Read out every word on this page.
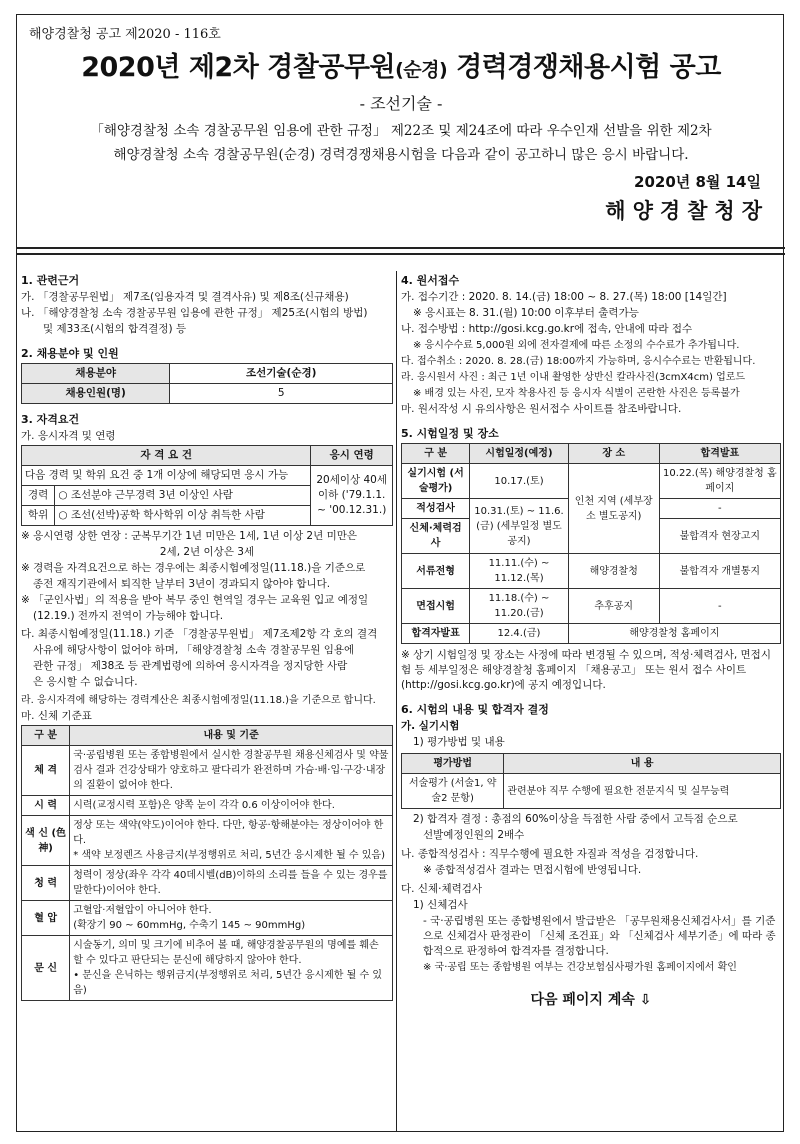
해양경찰청 공고 제2020 - 116호
2020년 제2차 경찰공무원(순경) 경력경쟁채용시험 공고
- 조선기술 -
「해양경찰청 소속 경찰공무원 임용에 관한 규정」 제22조 및 제24조에 따라 우수인재 선발을 위한 제2차
해양경찰청 소속 경찰공무원(순경) 경력경쟁채용시험을 다음과 같이 공고하니 많은 응시 바랍니다.
2020년 8월 14일
해양경찰청장
1. 관련근거
가. 「경찰공무원법」 제7조(임용자격 및 결격사유) 및 제8조(신규채용)
나. 「해양경찰청 소속 경찰공무원 임용에 관한 규정」 제25조(시험의 방법)
및 제33조(시험의 합격결정) 등
2. 채용분야 및 인원
채용분야	조선기술(순경)
채용인원(명)	5
3. 자격요건
가. 응시자격 및 연령
자 격 요 건		응시 연령
다음 경력 및 학위 요건 중 1개 이상에 해당되면 응시 가능		20세이상 40세이하 ('79.1.1. ~ '00.12.31.)
경력	○ 조선분야 근무경력 3년 이상인 사람	
학위	○ 조선(선박)공학 학사학위 이상 취득한 사람	
※ 응시연령 상한 연장 : 군복무기간 1년 미만은 1세, 1년 이상 2년 미만은
2세, 2년 이상은 3세
※ 경력을 자격요건으로 하는 경우에는 최종시험예정일(11.18.)을 기준으로
종전 재직기관에서 퇴직한 날부터 3년이 경과되지 않아야 합니다.
※ 「군인사법」의 적용을 받아 복무 중인 현역일 경우는 교육원 입교 예정일
(12.19.) 전까지 전역이 가능해야 합니다.
다. 최종시험예정일(11.18.) 기준 「경찰공무원법」 제7조제2항 각 호의 결격
사유에 해당사항이 없어야 하며, 「해양경찰청 소속 경찰공무원 임용에
관한 규정」 제38조 등 관계법령에 의하여 응시자격을 정지당한 사람
은 응시할 수 없습니다.
라. 응시자격에 해당하는 경력계산은 최종시험예정일(11.18.)을 기준으로 합니다.
마. 신체 기준표
구 분	내용 및 기준
체 격	국·공립병원 또는 종합병원에서 실시한 경찰공무원 채용신체검사 및 약물검사 결과 건강상태가 양호하고 팔다리가 완전하며 가슴·배·입·구강·내장의 질환이 없어야 한다.
시 력	시력(교정시력 포함)은 양쪽 눈이 각각 0.6 이상이어야 한다.
색 신 (色神)	정상 또는 색약(약도)이어야 한다. 다만, 항공·항해분야는 정상이어야 한다.
* 색약 보정렌즈 사용금지(부정행위로 처리, 5년간 응시제한 될 수 있음)

청 력	청력이 정상(좌우 각각 40데시벨(dB)이하의 소리를 들을 수 있는 경우를 말한다)이어야 한다.
혈 압	고혈압·저혈압이 아니어야 한다.
(확장기 90 ~ 60mmHg, 수축기 145 ~ 90mmHg)

문 신	시술동기, 의미 및 크기에 비추어 볼 때, 해양경찰공무원의 명예를 훼손 할 수 있다고 판단되는 문신에 해당하지 않아야 한다.
• 문신을 은닉하는 행위금지(부정행위로 처리, 5년간 응시제한 될 수 있음)
4. 원서접수
가. 접수기간 : 2020. 8. 14.(금) 18:00 ~ 8. 27.(목) 18:00 [14일간]
※ 응시표는 8. 31.(월) 10:00 이후부터 출력가능
나. 접수방법 : http://gosi.kcg.go.kr에 접속, 안내에 따라 접수
※ 응시수수료 5,000원 외에 전자결제에 따른 소정의 수수료가 추가됩니다.
다. 접수취소 : 2020. 8. 28.(금) 18:00까지 가능하며, 응시수수료는 반환됩니다.
라. 응시원서 사진 : 최근 1년 이내 촬영한 상반신 칼라사진(3cmX4cm) 업로드
※ 배경 있는 사진, 모자 착용사진 등 응시자 식별이 곤란한 사진은 등록불가
마. 원서작성 시 유의사항은 원서접수 사이트를 참조바랍니다.
5. 시험일정 및 장소
구 분	시험일정(예정)	장 소	합격발표
실기시험 (서술평가)	10.17.(토)	인천 지역 (세부장소 별도공지)	10.22.(목) 해양경찰청 홈페이지
적성검사	10.31.(토) ~ 11.6.(금) (세부일정 별도공지)		-
신체·체력검사			불합격자 현장고지
서류전형	11.11.(수) ~ 11.12.(목)	해양경찰청	불합격자 개별통지
면접시험	11.18.(수) ~ 11.20.(금)	추후공지	-
합격자발표	12.4.(금)	해양경찰청 홈페이지	
※ 상기 시험일정 및 장소는 사정에 따라 변경될 수 있으며, 적성·체력검사, 면접시험 등 세부일정은 해양경찰청 홈페이지 「채용공고」 또는 원서 접수 사이트(http://gosi.kcg.go.kr)에 공지 예정입니다.
6. 시험의 내용 및 합격자 결정
가. 실기시험
1) 평가방법 및 내용
평가방법	내 용
서술평가 (서술1, 약술2 문항)	관련분야 직무 수행에 필요한 전문지식 및 실무능력
2) 합격자 결정 : 총점의 60%이상을 득점한 사람 중에서 고득점 순으로
선발예정인원의 2배수
나. 종합적성검사 : 직무수행에 필요한 자질과 적성을 검정합니다.
※ 종합적성검사 결과는 면접시험에 반영됩니다.
다. 신체·체력검사
1) 신체검사
- 국·공립병원 또는 종합병원에서 발급받은 「공무원채용신체검사서」를 기준으로 신체검사 판정관이 「신체 조건표」와 「신체검사 세부기준」에 따라 종합적으로 판정하여 합격자를 결정합니다.
※ 국·공립 또는 종합병원 여부는 건강보험심사평가원 홈페이지에서 확인
다음 페이지 계속 ⇩
